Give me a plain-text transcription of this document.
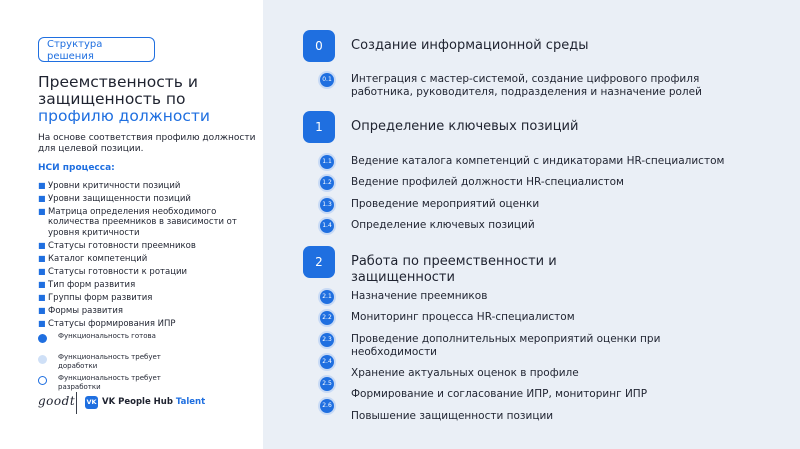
Структура решения
Преемственность и
защищенность по
профилю должности
На основе соответствия профилю должности для целевой позиции.
НСИ процесса:
■ Уровни критичности позиций
■ Уровни защищенности позиций
■ Матрица определения необходимого количества преемников в зависимости от уровня критичности
■ Статусы готовности преемников
■ Каталог компетенций
■ Статусы готовности к ротации
■ Тип форм развития
■ Группы форм развития
■ Формы развития
■ Статусы формирования ИПР
Функциональность готова
Функциональность требует доработки
Функциональность требует разработки
goodt VK VK People Hub Talent
0	Создание информационной среды
0.1 Интеграция с мастер-системой, создание цифрового профиля работника, руководителя, подразделения и назначение ролей
1	Определение ключевых позиций
1.1 Ведение каталога компетенций с индикаторами HR-специалистом
1.2 Ведение профилей должности HR-специалистом
1.3 Проведение мероприятий оценки
1.4 Определение ключевых позиций
2	Работа по преемственности и защищенности
2.1 Назначение преемников
2.2 Мониторинг процесса HR-специалистом
2.3 Проведение дополнительных мероприятий оценки при необходимости
2.4
Хранение актуальных оценок в профиле
2.5
Формирование и согласование ИПР, мониторинг ИПР
2.6
Повышение защищенности позиции
